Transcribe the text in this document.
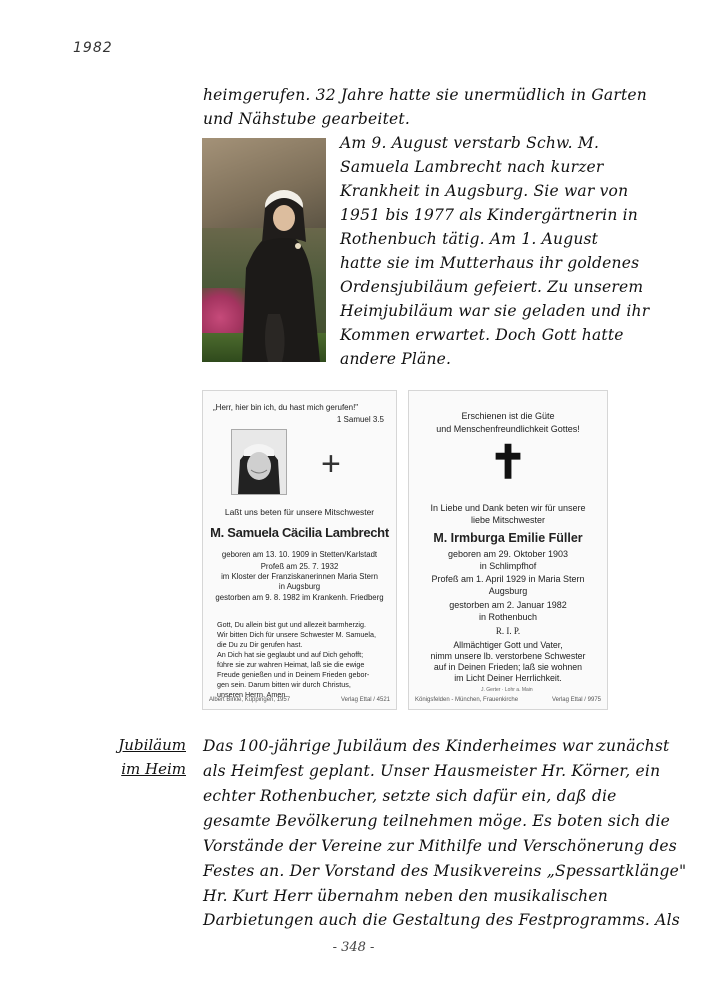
1982
heimgerufen. 32 Jahre hatte sie unermüdlich in Garten
und Nähstube gearbeitet.
Am 9. August verstarb Schw. M.
Samuela Lambrecht nach kurzer
Krankheit in Augsburg. Sie war von
1951 bis 1977 als Kindergärtnerin in
Rothenbuch tätig. Am 1. August
hatte sie im Mutterhaus ihr goldenes
Ordensjubiläum gefeiert. Zu unserem
Heimjubiläum war sie geladen und ihr
Kommen erwartet. Doch Gott hatte
andere Pläne.
„Herr, hier bin ich, du hast mich gerufen!"
1 Samuel 3.5
+
Laßt uns beten für unsere Mitschwester
M. Samuela Cäcilia Lambrecht
geboren am 13. 10. 1909 in Stetten/Karlstadt
Profeß am 25. 7. 1932
im Kloster der Franziskanerinnen Maria Stern
in Augsburg
gestorben am 9. 8. 1982 im Krankenh. Friedberg
Gott, Du allein bist gut und allezeit barmherzig.
Wir bitten Dich für unsere Schwester M. Samuela,
die Du zu Dir gerufen hast.
An Dich hat sie geglaubt und auf Dich gehofft;
führe sie zur wahren Heimat, laß sie die ewige
Freude genießen und in Deinem Frieden gebor-
gen sein. Darum bitten wir durch Christus,
unseren Herrn. Amen.
Albert Birkle, Kuppingen, 1957	Verlag Ettal / 4521
Erschienen ist die Güte
und Menschenfreundlichkeit Gottes!
✝
In Liebe und Dank beten wir für unsere
liebe Mitschwester
M. Irmburga Emilie Füller
geboren am 29. Oktober 1903
in Schlimpfhof
Profeß am 1. April 1929 in Maria Stern
Augsburg
gestorben am 2. Januar 1982
in Rothenbuch
R. I. P.
Allmächtiger Gott und Vater,
nimm unsere lb. verstorbene Schwester
auf in Deinen Frieden; laß sie wohnen
im Licht Deiner Herrlichkeit.
J. Gerter · Lohr a. Main
Königsfelden - München, Frauenkirche	Verlag Ettal / 9975
Jubiläum
im Heim
Das 100-jährige Jubiläum des Kinderheimes war zunächst
als Heimfest geplant. Unser Hausmeister Hr. Körner, ein
echter Rothenbucher, setzte sich dafür ein, daß die
gesamte Bevölkerung teilnehmen möge. Es boten sich die
Vorstände der Vereine zur Mithilfe und Verschönerung des
Festes an. Der Vorstand des Musikvereins „Spessartklänge"
Hr. Kurt Herr übernahm neben den musikalischen
Darbietungen auch die Gestaltung des Festprogramms. Als
- 348 -
